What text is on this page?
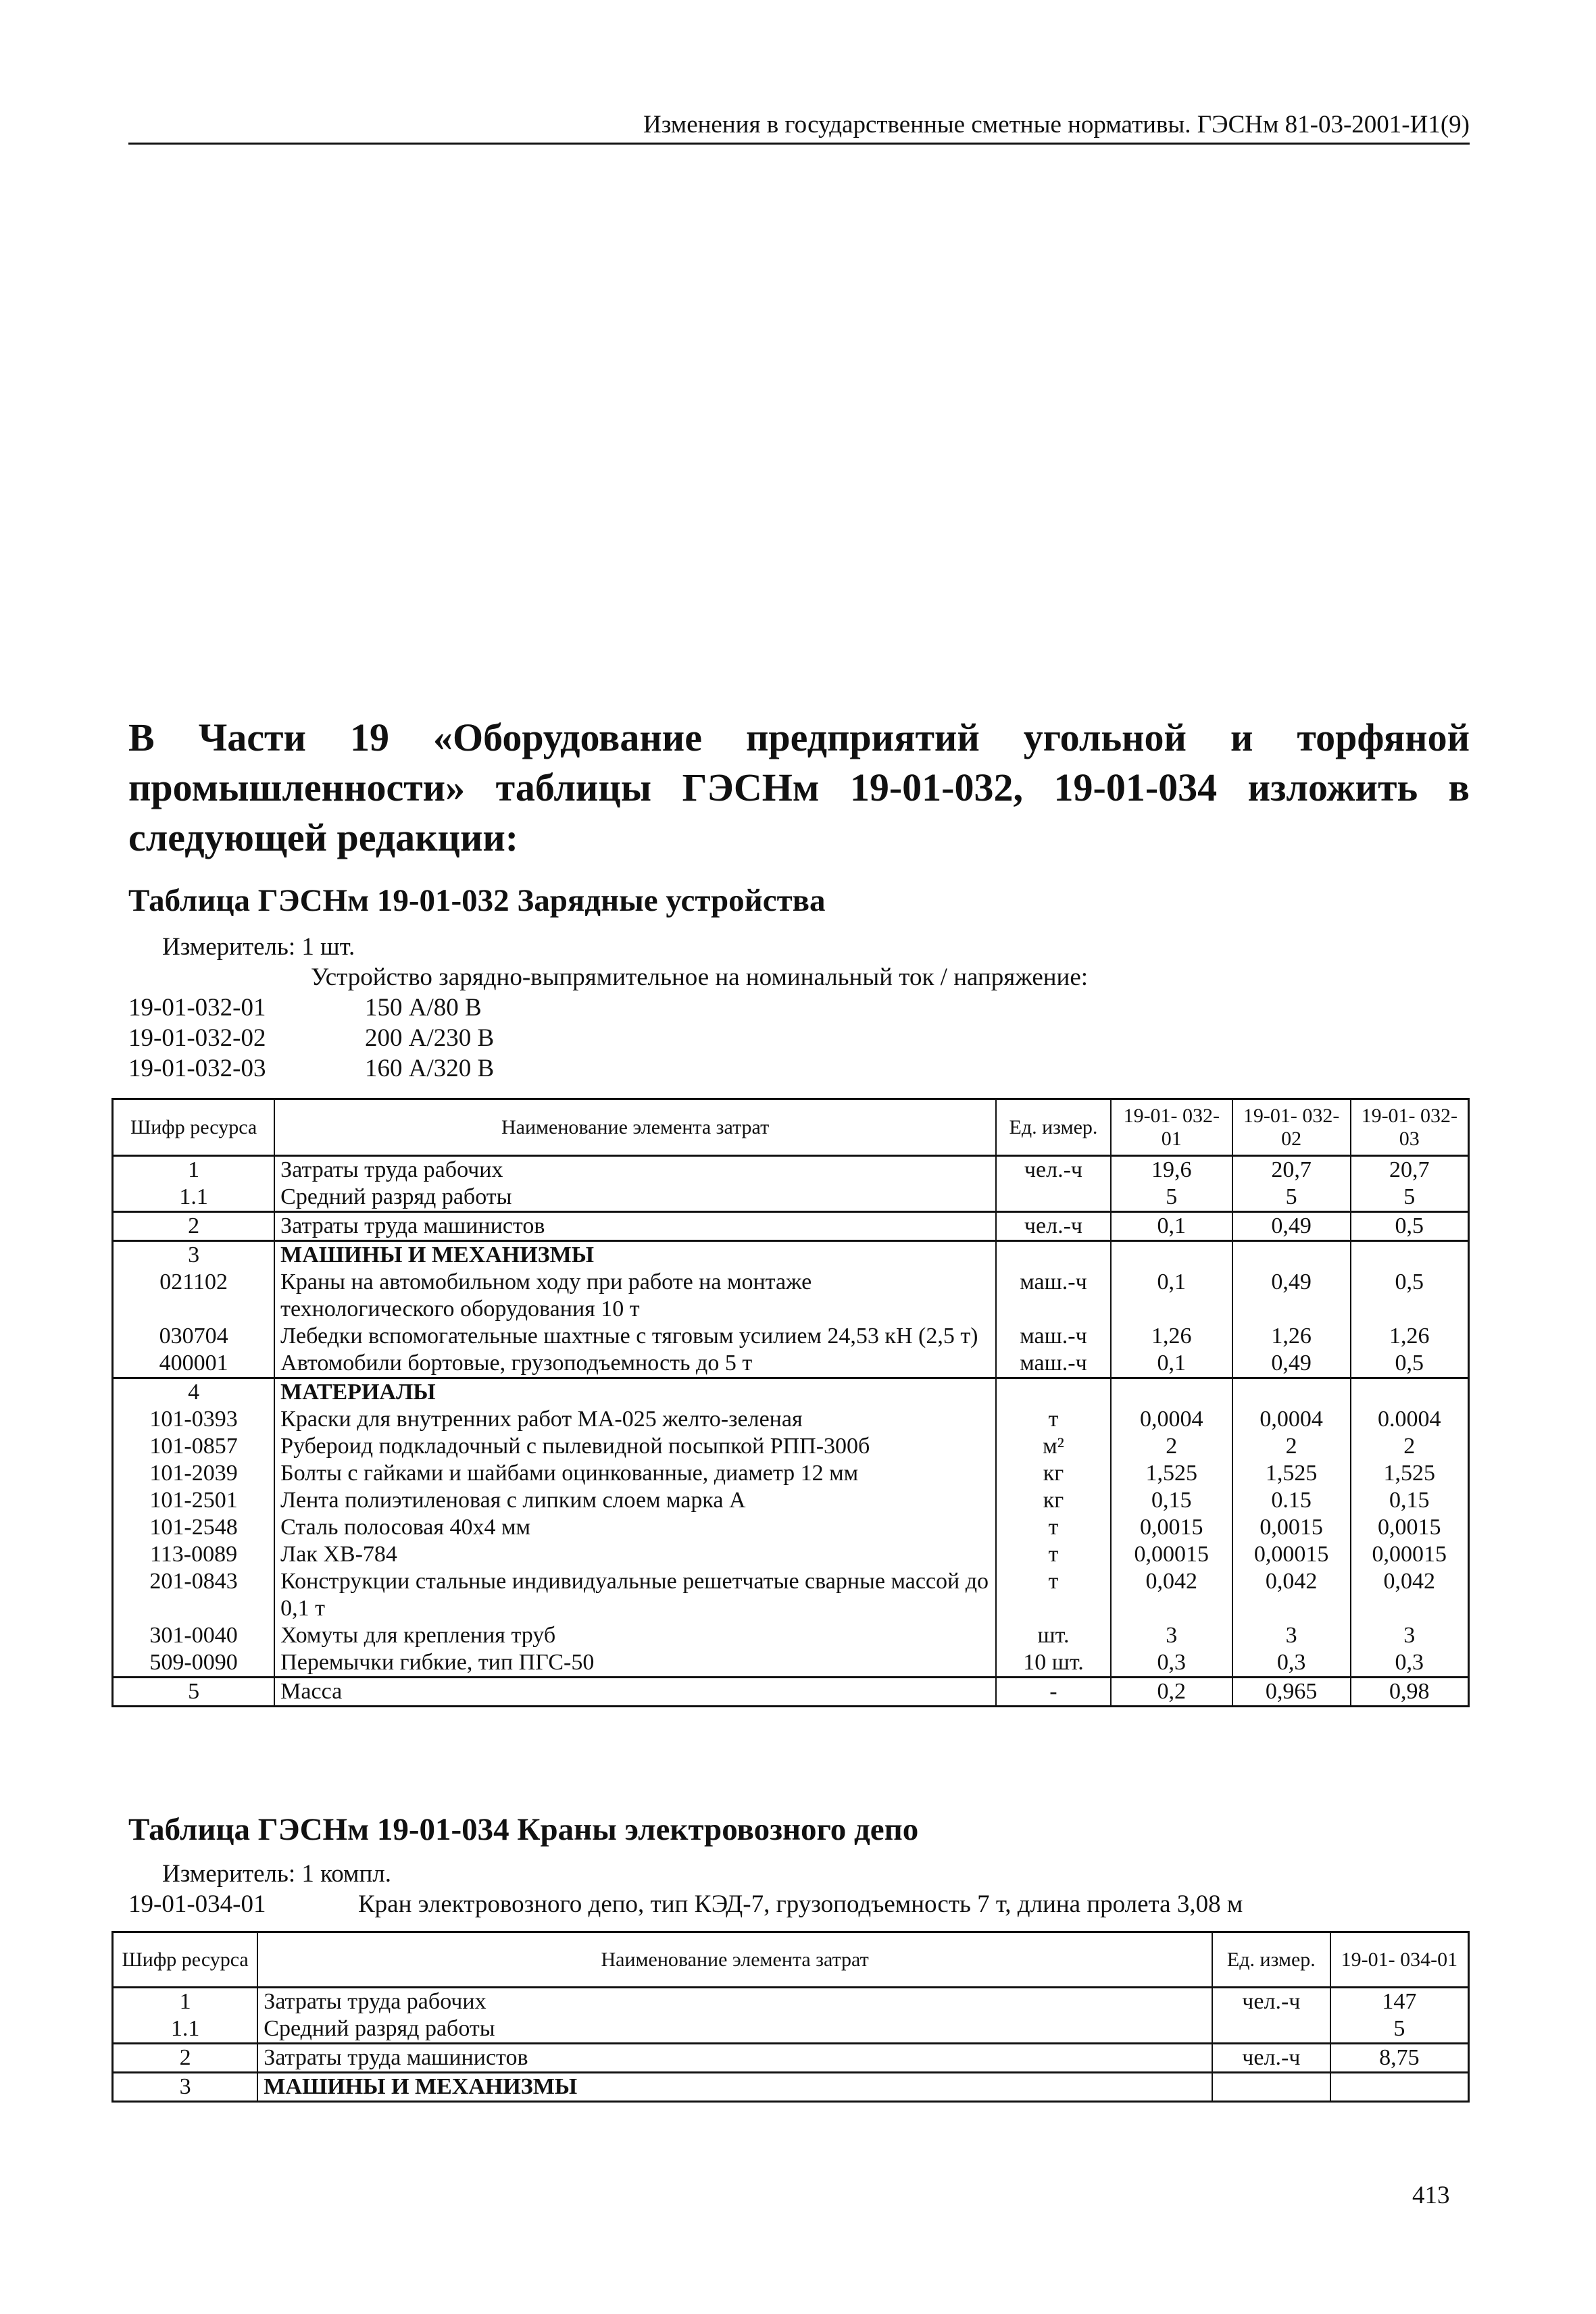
Изменения в государственные сметные нормативы. ГЭСНм 81-03-2001-И1(9)
В Части 19 «Оборудование предприятий угольной и торфяной промышленности» таблицы ГЭСНм 19-01-032, 19-01-034 изложить в следующей редакции:
Таблица ГЭСНм 19-01-032 Зарядные устройства
Измеритель: 1 шт.
Устройство зарядно-выпрямительное на номинальный ток / напряжение:
19-01-032-01	150 А/80 В
19-01-032-02	200 А/230 В
19-01-032-03	160 А/320 В
Шифр ресурса	Наименование элемента затрат	Ед. измер.	19-01- 032-01	19-01- 032-02	19-01- 032-03
1	Затраты труда рабочих	чел.-ч	19,6	20,7	20,7
1.1	Средний разряд работы		5	5	5
2	Затраты труда машинистов	чел.-ч	0,1	0,49	0,5
3	МАШИНЫ И МЕХАНИЗМЫ				
021102	Краны на автомобильном ходу при работе на монтаже технологического оборудования 10 т	маш.-ч	0,1	0,49	0,5
030704	Лебедки вспомогательные шахтные с тяговым усилием 24,53 кН (2,5 т)	маш.-ч	1,26	1,26	1,26
400001	Автомобили бортовые, грузоподъемность до 5 т	маш.-ч	0,1	0,49	0,5
4	МАТЕРИАЛЫ				
101-0393	Краски для внутренних работ МА-025 желто-зеленая	т	0,0004	0,0004	0.0004
101-0857	Рубероид подкладочный с пылевидной посыпкой РПП-300б	м²	2	2	2
101-2039	Болты с гайками и шайбами оцинкованные, диаметр 12 мм	кг	1,525	1,525	1,525
101-2501	Лента полиэтиленовая с липким слоем марка А	кг	0,15	0.15	0,15
101-2548	Сталь полосовая 40х4 мм	т	0,0015	0,0015	0,0015
113-0089	Лак ХВ-784	т	0,00015	0,00015	0,00015
201-0843	Конструкции стальные индивидуальные решетчатые сварные массой до 0,1 т	т	0,042	0,042	0,042
301-0040	Хомуты для крепления труб	шт.	3	3	3
509-0090	Перемычки гибкие, тип ПГС-50	10 шт.	0,3	0,3	0,3
5	Масса	-	0,2	0,965	0,98
Таблица ГЭСНм 19-01-034 Краны электровозного депо
Измеритель: 1 компл.
19-01-034-01	Кран электровозного депо, тип КЭД-7, грузоподъемность 7 т, длина пролета 3,08 м
Шифр ресурса	Наименование элемента затрат	Ед. измер.	19-01- 034-01
1	Затраты труда рабочих	чел.-ч	147
1.1	Средний разряд работы		5
2	Затраты труда машинистов	чел.-ч	8,75
3	МАШИНЫ И МЕХАНИЗМЫ		
413
